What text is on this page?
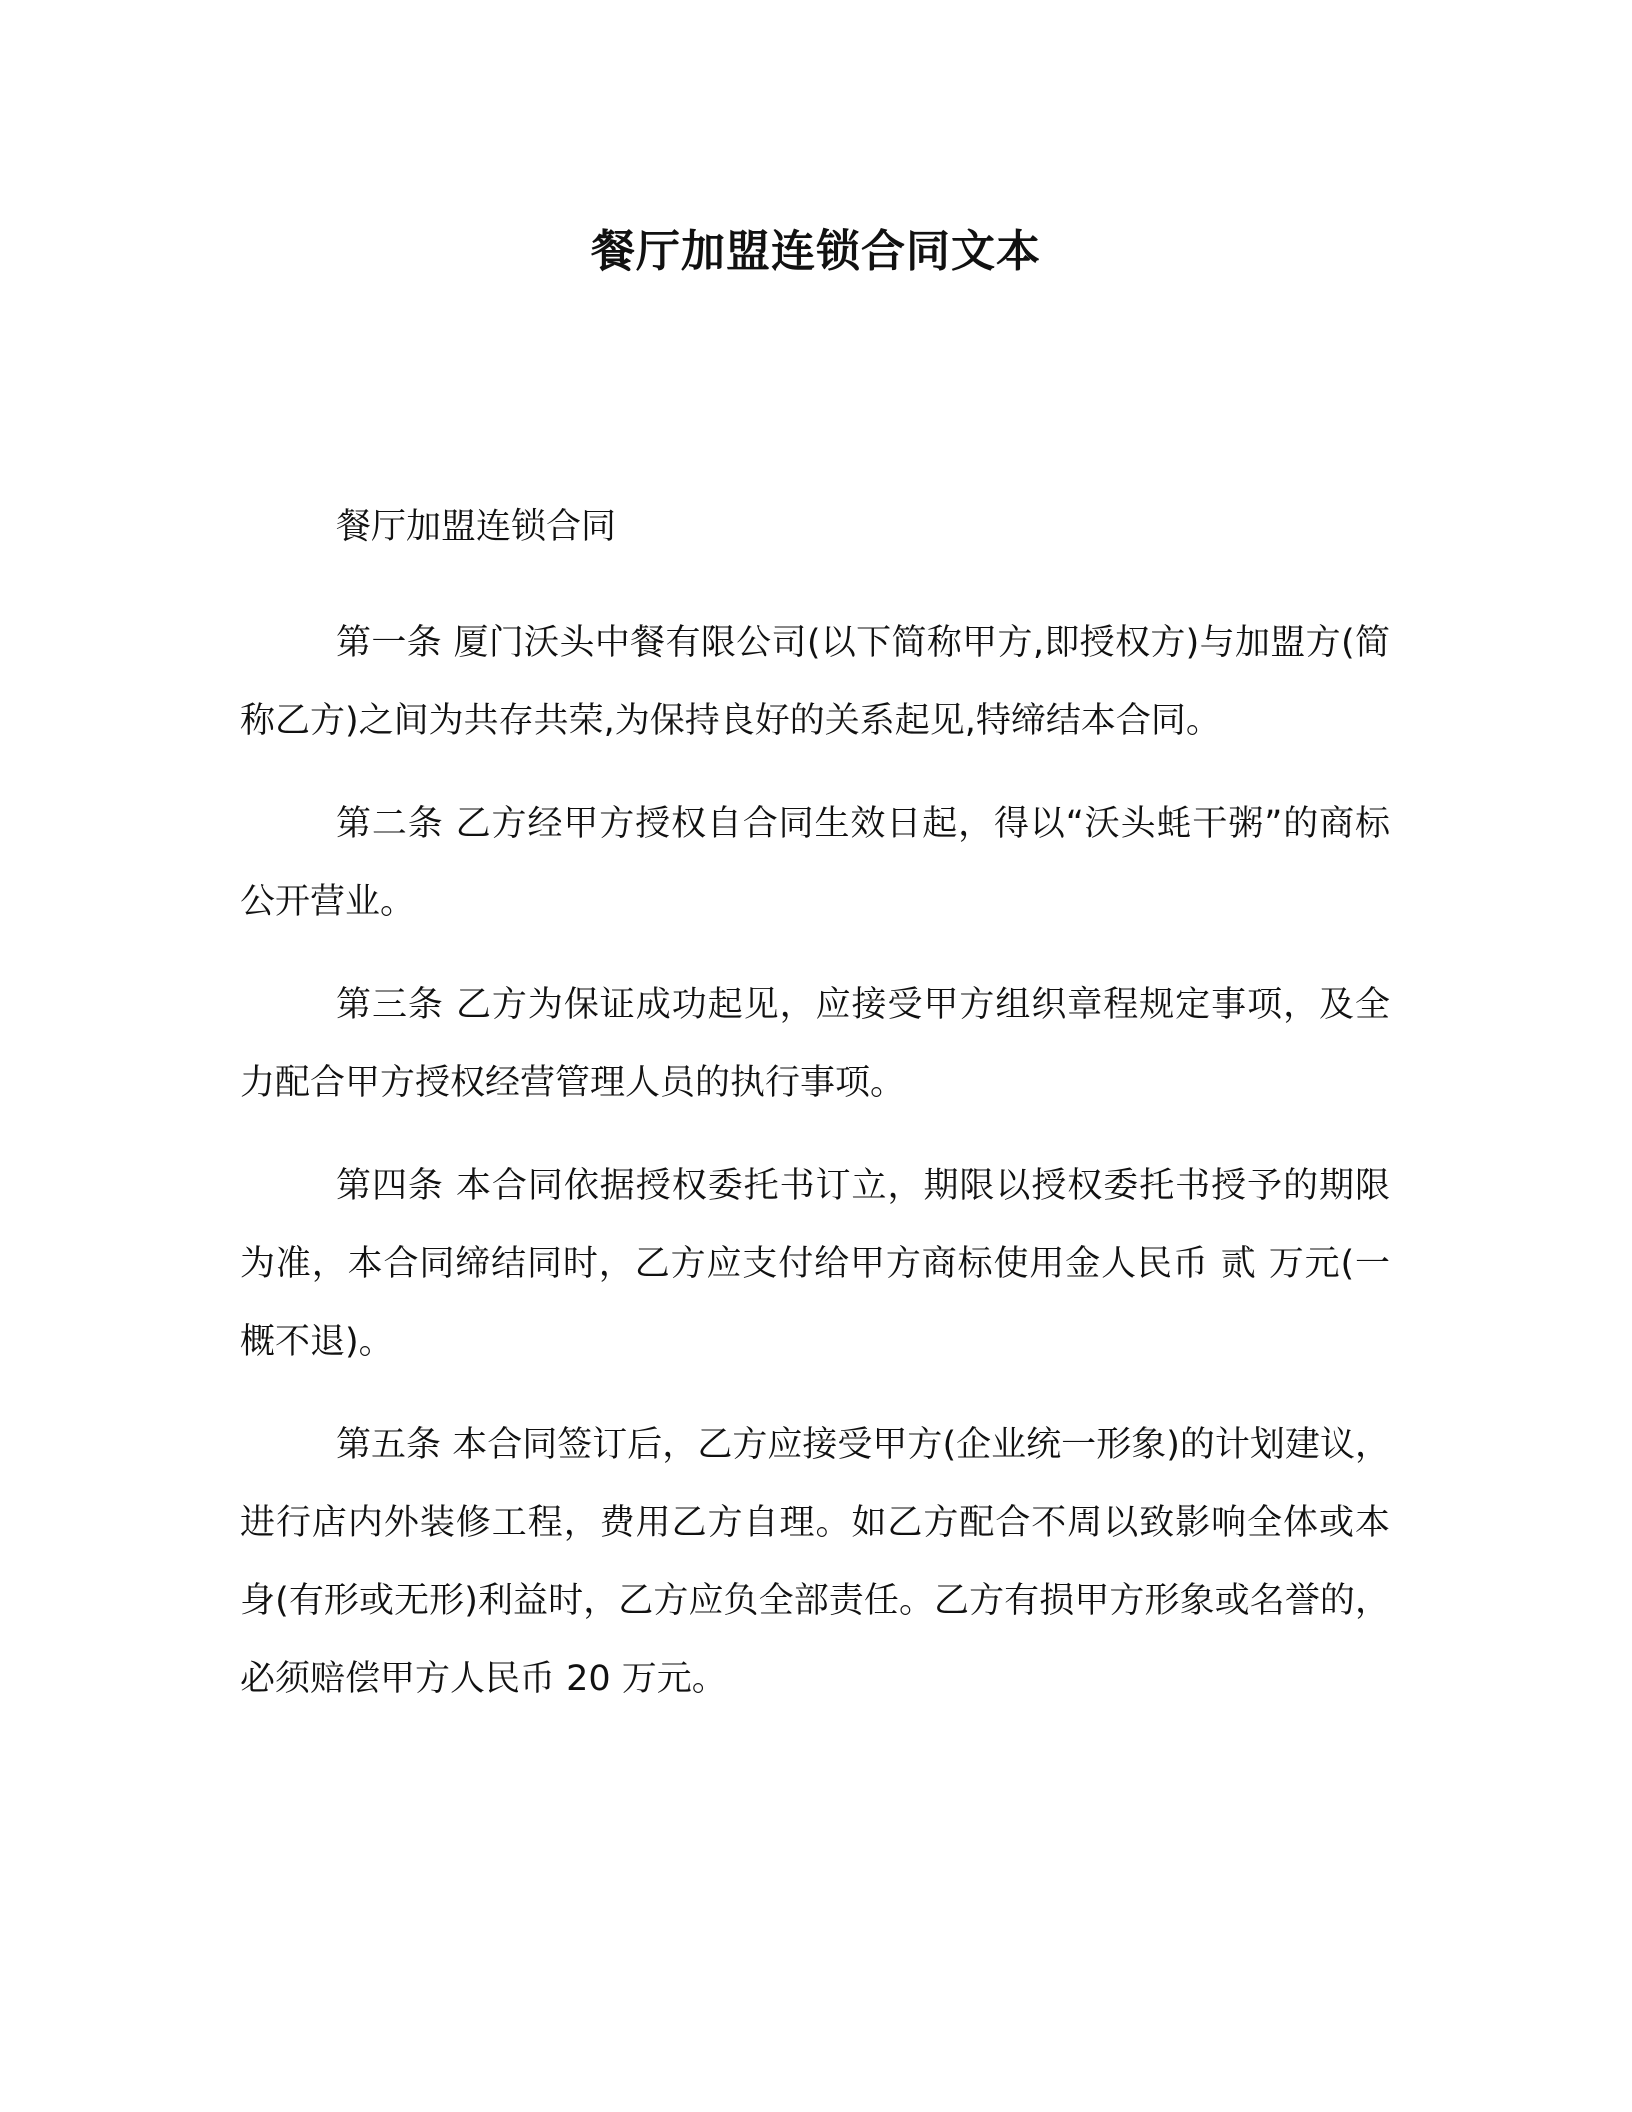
餐厅加盟连锁合同文本

餐厅加盟连锁合同

第一条 厦门沃头中餐有限公司(以下简称甲方,即授权方)与加盟方(简称乙方)之间为共存共荣,为保持良好的关系起见,特缔结本合同。

第二条 乙方经甲方授权自合同生效日起，得以“沃头蚝干粥”的商标公开营业。

第三条 乙方为保证成功起见，应接受甲方组织章程规定事项，及全力配合甲方授权经营管理人员的执行事项。

第四条 本合同依据授权委托书订立，期限以授权委托书授予的期限为准，本合同缔结同时，乙方应支付给甲方商标使用金人民币 贰 万元(一概不退)。

第五条 本合同签订后，乙方应接受甲方(企业统一形象)的计划建议，进行店内外装修工程，费用乙方自理。如乙方配合不周以致影响全体或本身(有形或无形)利益时，乙方应负全部责任。乙方有损甲方形象或名誉的，必须赔偿甲方人民币 20 万元。
